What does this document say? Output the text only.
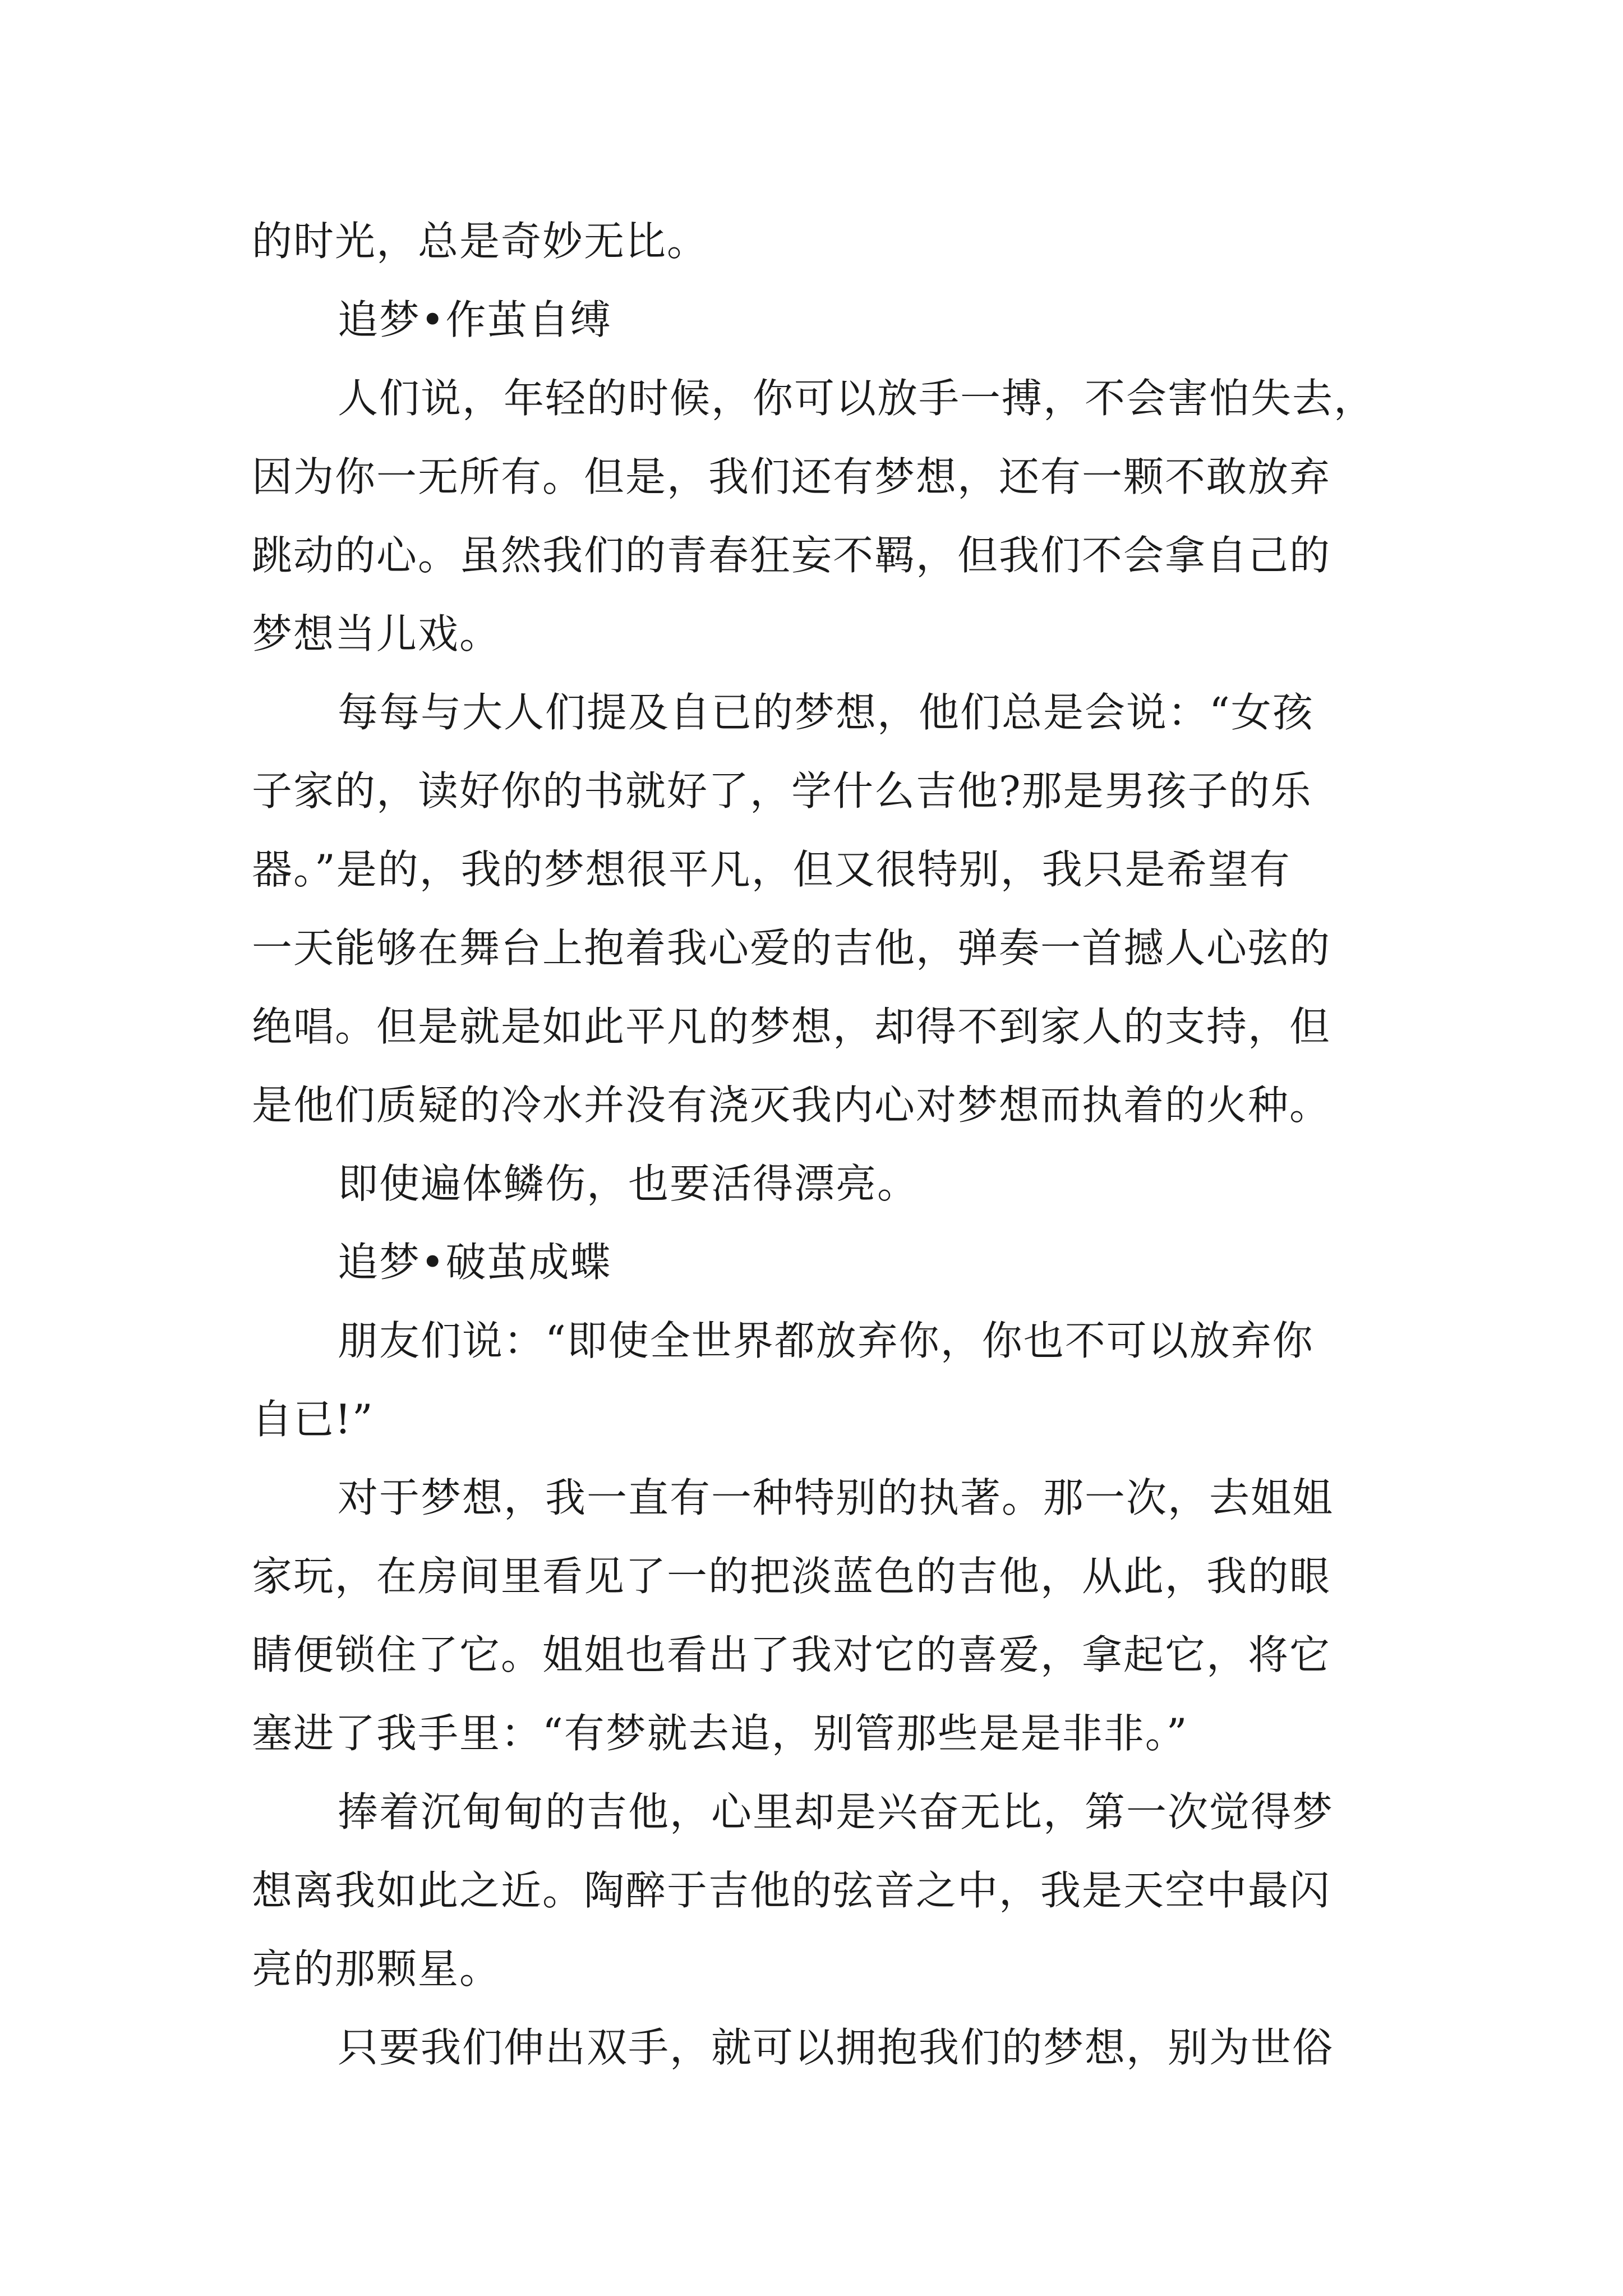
的时光，总是奇妙无比。

追梦•作茧自缚

人们说，年轻的时候，你可以放手一搏，不会害怕失去，

因为你一无所有。但是，我们还有梦想，还有一颗不敢放弃

跳动的心。虽然我们的青春狂妄不羁，但我们不会拿自己的

梦想当儿戏。

每每与大人们提及自已的梦想，他们总是会说：“女孩

子家的，读好你的书就好了，学什么吉他?那是男孩子的乐

器。”是的，我的梦想很平凡，但又很特别，我只是希望有

一天能够在舞台上抱着我心爱的吉他，弹奏一首撼人心弦的

绝唱。但是就是如此平凡的梦想，却得不到家人的支持，但

是他们质疑的冷水并没有浇灭我内心对梦想而执着的火种。

即使遍体鳞伤，也要活得漂亮。

追梦•破茧成蝶

朋友们说：“即使全世界都放弃你，你也不可以放弃你

自已!”

对于梦想，我一直有一种特别的执著。那一次，去姐姐

家玩，在房间里看见了一的把淡蓝色的吉他，从此，我的眼

睛便锁住了它。姐姐也看出了我对它的喜爱，拿起它，将它

塞进了我手里：“有梦就去追，别管那些是是非非。”

捧着沉甸甸的吉他，心里却是兴奋无比，第一次觉得梦

想离我如此之近。陶醉于吉他的弦音之中，我是天空中最闪

亮的那颗星。

只要我们伸出双手，就可以拥抱我们的梦想，别为世俗
